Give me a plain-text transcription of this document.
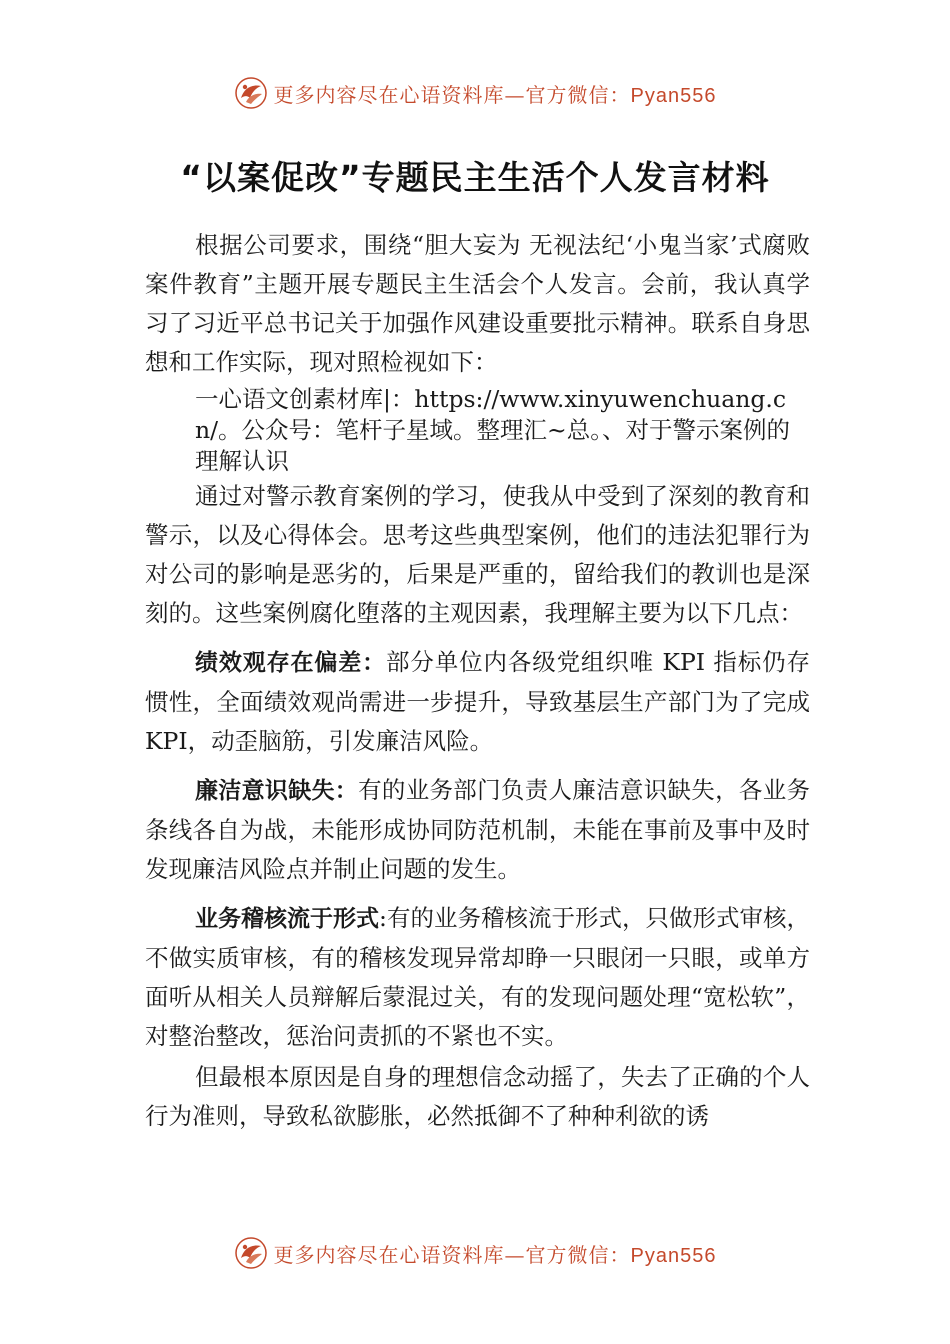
更多内容尽在心语资料库—官方微信：Pyan556
“以案促改”专题民主生活个人发言材料

根据公司要求，围绕“胆大妄为 无视法纪‘小鬼当家’式腐败案件教育”主题开展专题民主生活会个人发言。会前，我认真学习了习近平总书记关于加强作风建设重要批示精神。联系自身思想和工作实际，现对照检视如下：

一心语文创素材库|：https://www.xinyuwenchuang.cn/。公众号：笔杆子星域。整理汇~总。、对于警示案例的理解认识

通过对警示教育案例的学习，使我从中受到了深刻的教育和警示，以及心得体会。思考这些典型案例，他们的违法犯罪行为对公司的影响是恶劣的，后果是严重的，留给我们的教训也是深刻的。这些案例腐化堕落的主观因素，我理解主要为以下几点：

绩效观存在偏差：部分单位内各级党组织唯 KPI 指标仍存惯性，全面绩效观尚需进一步提升，导致基层生产部门为了完成 KPI，动歪脑筋，引发廉洁风险。

廉洁意识缺失：有的业务部门负责人廉洁意识缺失，各业务条线各自为战，未能形成协同防范机制，未能在事前及事中及时发现廉洁风险点并制止问题的发生。

业务稽核流于形式:有的业务稽核流于形式，只做形式审核，不做实质审核，有的稽核发现异常却睁一只眼闭一只眼，或单方面听从相关人员辩解后蒙混过关，有的发现问题处理“宽松软”，对整治整改，惩治问责抓的不紧也不实。

但最根本原因是自身的理想信念动摇了，失去了正确的个人行为准则，导致私欲膨胀，必然抵御不了种种利欲的诱

更多内容尽在心语资料库—官方微信：Pyan556
